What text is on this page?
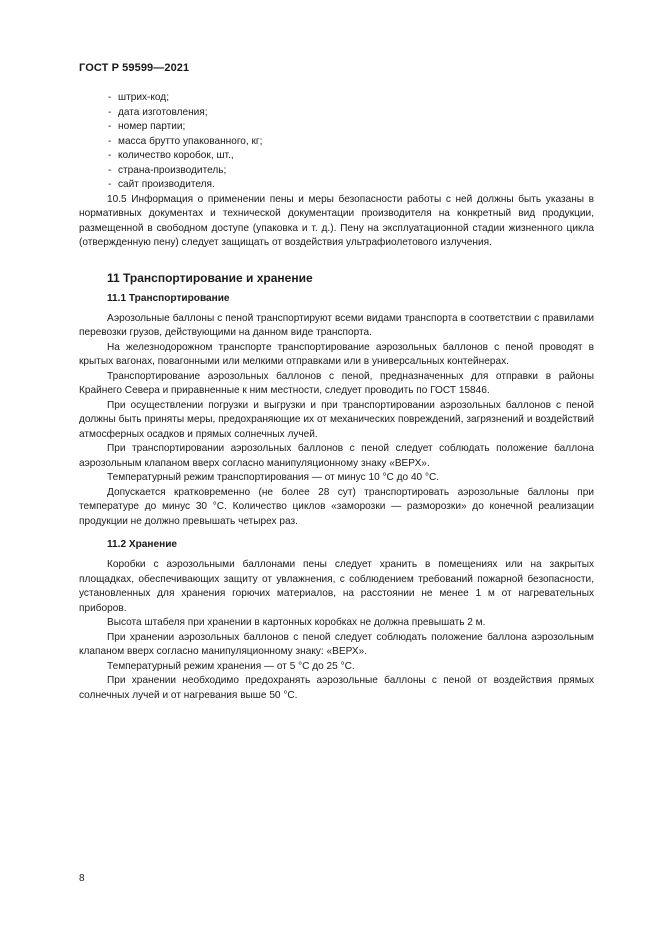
ГОСТ Р 59599—2021
- штрих-код;
- дата изготовления;
- номер партии;
- масса брутто упакованного, кг;
- количество коробок, шт.,
- страна-производитель;
- сайт производителя.

10.5 Информация о применении пены и меры безопасности работы с ней должны быть указаны в нормативных документах и технической документации производителя на конкретный вид продукции, размещенной в свободном доступе (упаковка и т. д.). Пену на эксплуатационной стадии жизненного цикла (отвержденную пену) следует защищать от воздействия ультрафиолетового излучения.

11 Транспортирование и хранение
11.1 Транспортирование

Аэрозольные баллоны с пеной транспортируют всеми видами транспорта в соответствии с правилами перевозки грузов, действующими на данном виде транспорта.

На железнодорожном транспорте транспортирование аэрозольных баллонов с пеной проводят в крытых вагонах, повагонными или мелкими отправками или в универсальных контейнерах.

Транспортирование аэрозольных баллонов с пеной, предназначенных для отправки в районы Крайнего Севера и приравненные к ним местности, следует проводить по ГОСТ 15846.

При осуществлении погрузки и выгрузки и при транспортировании аэрозольных баллонов с пеной должны быть приняты меры, предохраняющие их от механических повреждений, загрязнений и воздействий атмосферных осадков и прямых солнечных лучей.

При транспортировании аэрозольных баллонов с пеной следует соблюдать положение баллона аэрозольным клапаном вверх согласно манипуляционному знаку «ВЕРХ».

Температурный режим транспортирования — от минус 10 °С до 40 °С.

Допускается кратковременно (не более 28 сут) транспортировать аэрозольные баллоны при температуре до минус 30 °С. Количество циклов «заморозки — разморозки» до конечной реализации продукции не должно превышать четырех раз.

11.2 Хранение

Коробки с аэрозольными баллонами пены следует хранить в помещениях или на закрытых площадках, обеспечивающих защиту от увлажнения, с соблюдением требований пожарной безопасности, установленных для хранения горючих материалов, на расстоянии не менее 1 м от нагревательных приборов.

Высота штабеля при хранении в картонных коробках не должна превышать 2 м.

При хранении аэрозольных баллонов с пеной следует соблюдать положение баллона аэрозольным клапаном вверх согласно манипуляционному знаку: «ВЕРХ».

Температурный режим хранения — от 5 °С до 25 °С.

При хранении необходимо предохранять аэрозольные баллоны с пеной от воздействия прямых солнечных лучей и от нагревания выше 50 °С.

8
